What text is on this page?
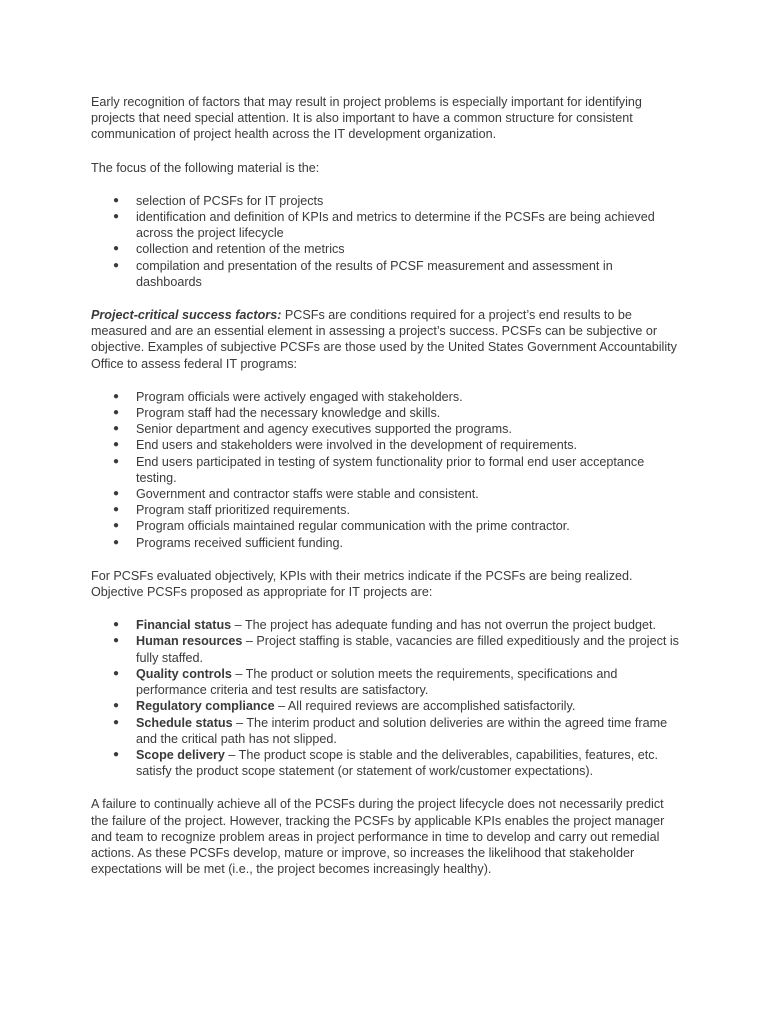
Early recognition of factors that may result in project problems is especially important for identifying projects that need special attention. It is also important to have a common structure for consistent communication of project health across the IT development organization.

The focus of the following material is the:

● selection of PCSFs for IT projects
● identification and definition of KPIs and metrics to determine if the PCSFs are being achieved across the project lifecycle
● collection and retention of the metrics
● compilation and presentation of the results of PCSF measurement and assessment in dashboards

Project-critical success factors: PCSFs are conditions required for a project’s end results to be measured and are an essential element in assessing a project’s success. PCSFs can be subjective or objective. Examples of subjective PCSFs are those used by the United States Government Accountability Office to assess federal IT programs:

● Program officials were actively engaged with stakeholders.
● Program staff had the necessary knowledge and skills.
● Senior department and agency executives supported the programs.
● End users and stakeholders were involved in the development of requirements.
● End users participated in testing of system functionality prior to formal end user acceptance testing.
● Government and contractor staffs were stable and consistent.
● Program staff prioritized requirements.
● Program officials maintained regular communication with the prime contractor.
● Programs received sufficient funding.

For PCSFs evaluated objectively, KPIs with their metrics indicate if the PCSFs are being realized. Objective PCSFs proposed as appropriate for IT projects are:

● Financial status – The project has adequate funding and has not overrun the project budget.
● Human resources – Project staffing is stable, vacancies are filled expeditiously and the project is fully staffed.
● Quality controls – The product or solution meets the requirements, specifications and performance criteria and test results are satisfactory.
● Regulatory compliance – All required reviews are accomplished satisfactorily.
● Schedule status – The interim product and solution deliveries are within the agreed time frame and the critical path has not slipped.
● Scope delivery – The product scope is stable and the deliverables, capabilities, features, etc. satisfy the product scope statement (or statement of work/customer expectations).

A failure to continually achieve all of the PCSFs during the project lifecycle does not necessarily predict the failure of the project. However, tracking the PCSFs by applicable KPIs enables the project manager and team to recognize problem areas in project performance in time to develop and carry out remedial actions. As these PCSFs develop, mature or improve, so increases the likelihood that stakeholder expectations will be met (i.e., the project becomes increasingly healthy).
